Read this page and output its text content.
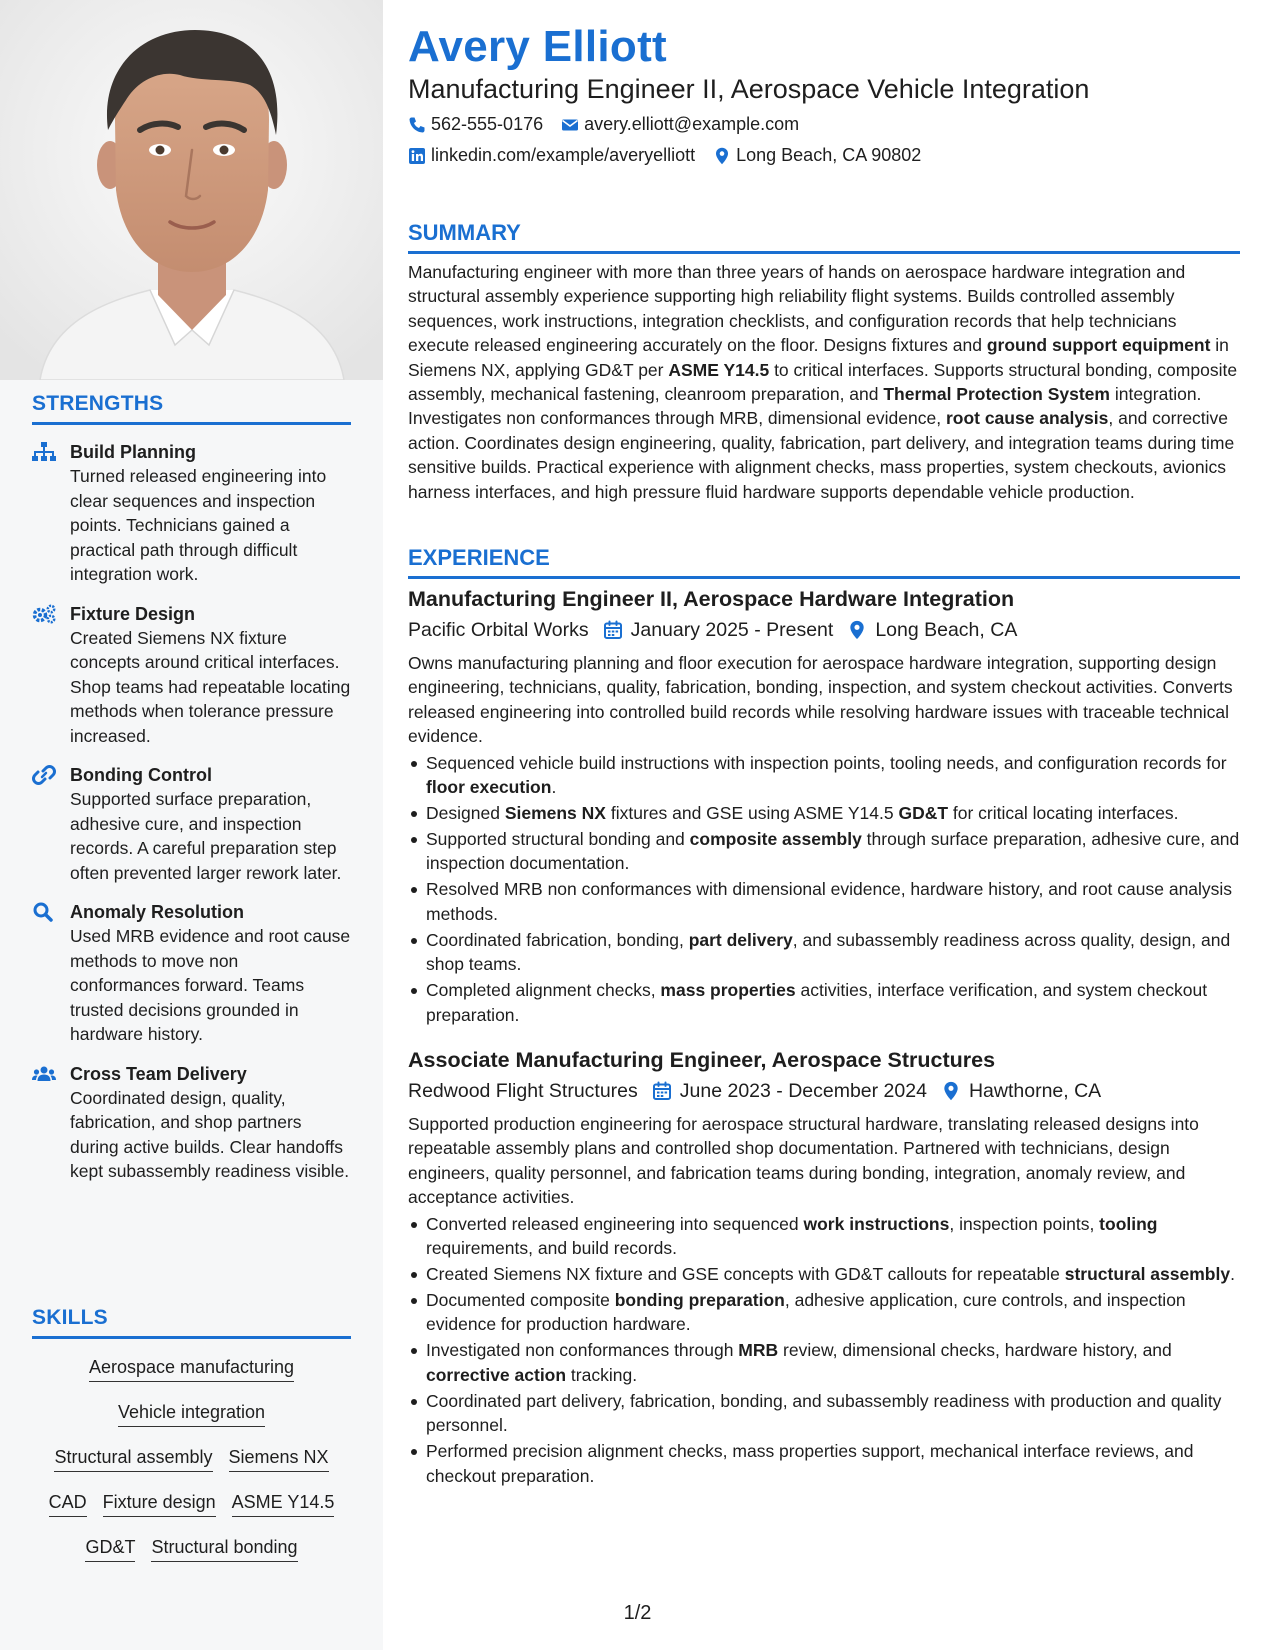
STRENGTHS
Build Planning
Turned released engineering into clear sequences and inspection points. Technicians gained a practical path through difficult integration work.
Fixture Design
Created Siemens NX fixture concepts around critical interfaces. Shop teams had repeatable locating methods when tolerance pressure increased.
Bonding Control
Supported surface preparation, adhesive cure, and inspection records. A careful preparation step often prevented larger rework later.
Anomaly Resolution
Used MRB evidence and root cause methods to move non conformances forward. Teams trusted decisions grounded in hardware history.
Cross Team Delivery
Coordinated design, quality, fabrication, and shop partners during active builds. Clear handoffs kept subassembly readiness visible.
SKILLS
Aerospace manufacturing
Vehicle integration
Structural assembly Siemens NX
CAD Fixture design ASME Y14.5
GD&T Structural bonding
Avery Elliott
Manufacturing Engineer II, Aerospace Vehicle Integration
562-555-0176 avery.elliott@example.com
linkedin.com/example/averyelliott Long Beach, CA 90802
SUMMARY
Manufacturing engineer with more than three years of hands on aerospace hardware integration and structural assembly experience supporting high reliability flight systems. Builds controlled assembly sequences, work instructions, integration checklists, and configuration records that help technicians execute released engineering accurately on the floor. Designs fixtures and ground support equipment in Siemens NX, applying GD&T per ASME Y14.5 to critical interfaces. Supports structural bonding, composite assembly, mechanical fastening, cleanroom preparation, and Thermal Protection System integration. Investigates non conformances through MRB, dimensional evidence, root cause analysis, and corrective action. Coordinates design engineering, quality, fabrication, part delivery, and integration teams during time sensitive builds. Practical experience with alignment checks, mass properties, system checkouts, avionics harness interfaces, and high pressure fluid hardware supports dependable vehicle production.
EXPERIENCE
Manufacturing Engineer II, Aerospace Hardware Integration
Pacific Orbital Works January 2025 - Present Long Beach, CA
Owns manufacturing planning and floor execution for aerospace hardware integration, supporting design engineering, technicians, quality, fabrication, bonding, inspection, and system checkout activities. Converts released engineering into controlled build records while resolving hardware issues with traceable technical evidence.
Sequenced vehicle build instructions with inspection points, tooling needs, and configuration records for floor execution.
Designed Siemens NX fixtures and GSE using ASME Y14.5 GD&T for critical locating interfaces.
Supported structural bonding and composite assembly through surface preparation, adhesive cure, and inspection documentation.
Resolved MRB non conformances with dimensional evidence, hardware history, and root cause analysis methods.
Coordinated fabrication, bonding, part delivery, and subassembly readiness across quality, design, and shop teams.
Completed alignment checks, mass properties activities, interface verification, and system checkout preparation.
Associate Manufacturing Engineer, Aerospace Structures
Redwood Flight Structures June 2023 - December 2024 Hawthorne, CA
Supported production engineering for aerospace structural hardware, translating released designs into repeatable assembly plans and controlled shop documentation. Partnered with technicians, design engineers, quality personnel, and fabrication teams during bonding, integration, anomaly review, and acceptance activities.
Converted released engineering into sequenced work instructions, inspection points, tooling requirements, and build records.
Created Siemens NX fixture and GSE concepts with GD&T callouts for repeatable structural assembly.
Documented composite bonding preparation, adhesive application, cure controls, and inspection evidence for production hardware.
Investigated non conformances through MRB review, dimensional checks, hardware history, and corrective action tracking.
Coordinated part delivery, fabrication, bonding, and subassembly readiness with production and quality personnel.
Performed precision alignment checks, mass properties support, mechanical interface reviews, and checkout preparation.
1/2
